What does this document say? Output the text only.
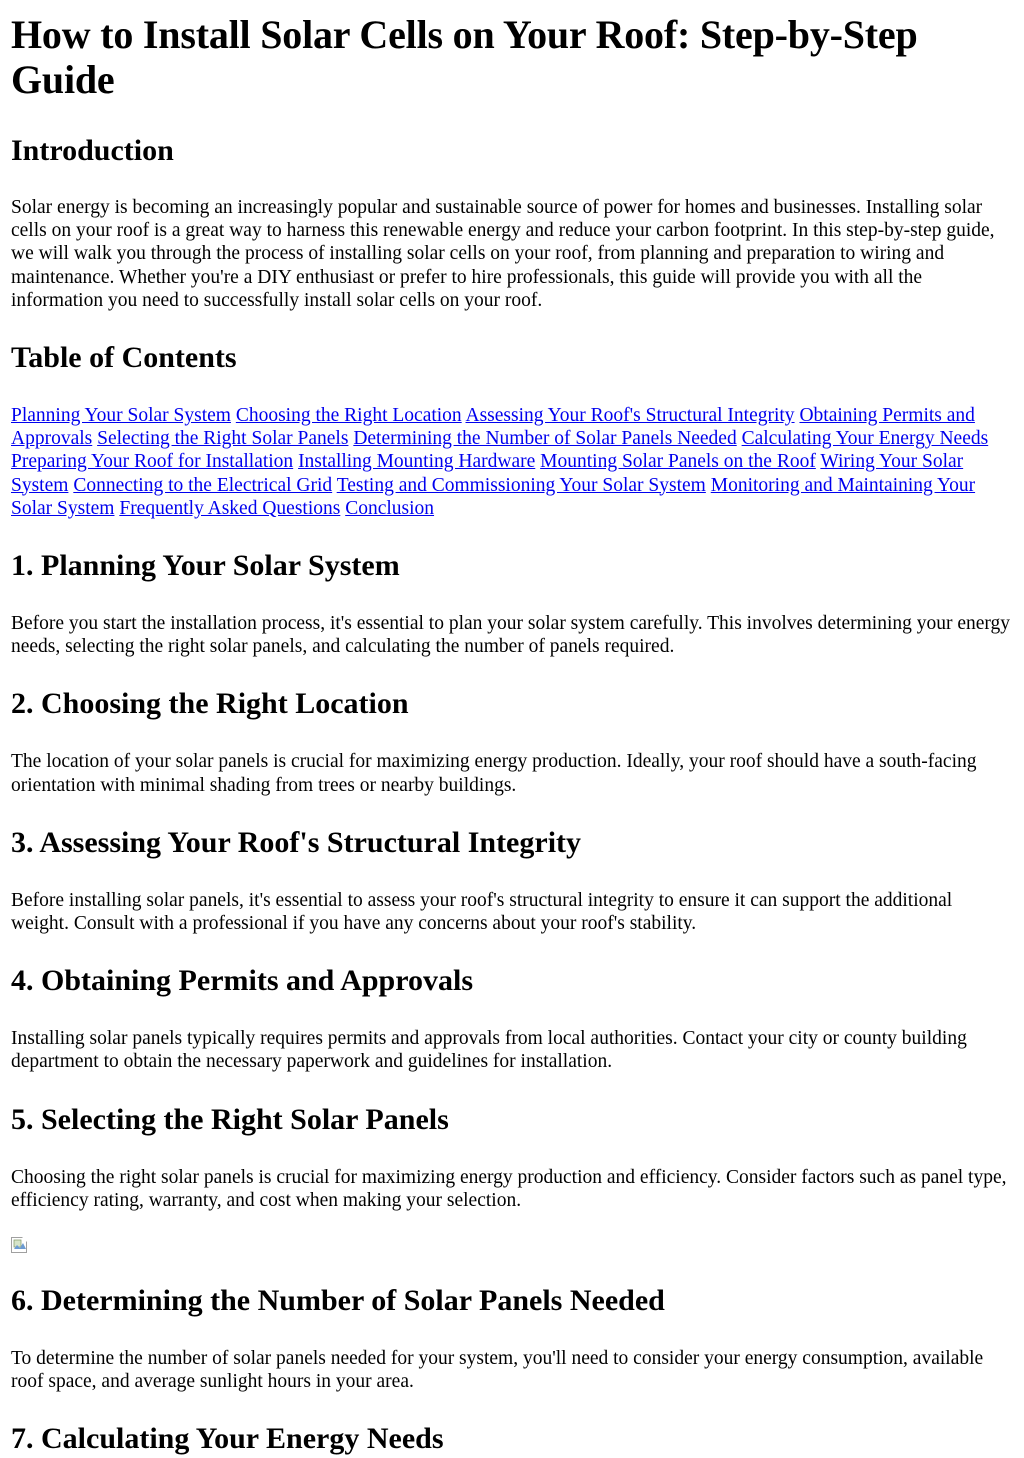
How to Install Solar Cells on Your Roof: Step-by-Step Guide
Introduction

Solar energy is becoming an increasingly popular and sustainable source of power for homes and businesses. Installing solar cells on your roof is a great way to harness this renewable energy and reduce your carbon footprint. In this step-by-step guide, we will walk you through the process of installing solar cells on your roof, from planning and preparation to wiring and maintenance. Whether you're a DIY enthusiast or prefer to hire professionals, this guide will provide you with all the information you need to successfully install solar cells on your roof.

Table of Contents

Planning Your Solar System Choosing the Right Location Assessing Your Roof's Structural Integrity Obtaining Permits and Approvals Selecting the Right Solar Panels Determining the Number of Solar Panels Needed Calculating Your Energy Needs Preparing Your Roof for Installation Installing Mounting Hardware Mounting Solar Panels on the Roof Wiring Your Solar System Connecting to the Electrical Grid Testing and Commissioning Your Solar System Monitoring and Maintaining Your Solar System Frequently Asked Questions Conclusion

1. Planning Your Solar System

Before you start the installation process, it's essential to plan your solar system carefully. This involves determining your energy needs, selecting the right solar panels, and calculating the number of panels required.

2. Choosing the Right Location

The location of your solar panels is crucial for maximizing energy production. Ideally, your roof should have a south-facing orientation with minimal shading from trees or nearby buildings.

3. Assessing Your Roof's Structural Integrity

Before installing solar panels, it's essential to assess your roof's structural integrity to ensure it can support the additional weight. Consult with a professional if you have any concerns about your roof's stability.

4. Obtaining Permits and Approvals

Installing solar panels typically requires permits and approvals from local authorities. Contact your city or county building department to obtain the necessary paperwork and guidelines for installation.

5. Selecting the Right Solar Panels

Choosing the right solar panels is crucial for maximizing energy production and efficiency. Consider factors such as panel type, efficiency rating, warranty, and cost when making your selection.

6. Determining the Number of Solar Panels Needed

To determine the number of solar panels needed for your system, you'll need to consider your energy consumption, available roof space, and average sunlight hours in your area.

7. Calculating Your Energy Needs
